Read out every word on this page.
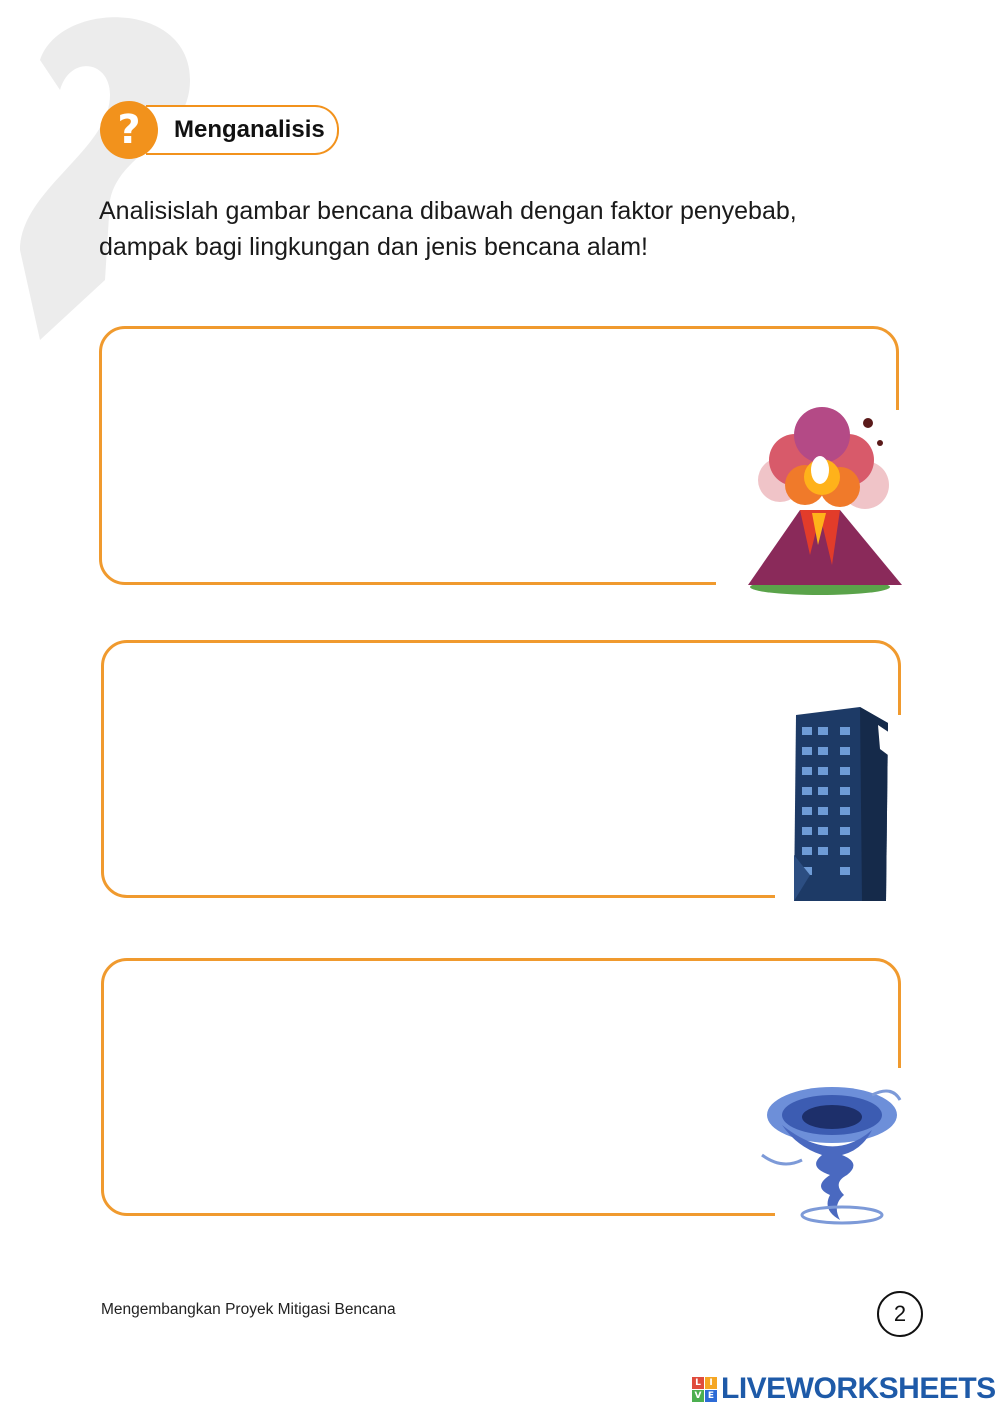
?	Menganalisis
Analisislah gambar bencana dibawah dengan faktor penyebab,
dampak bagi lingkungan dan jenis bencana alam!
Mengembangkan Proyek Mitigasi Bencana	2
L I
V E LIVEWORKSHEETS
